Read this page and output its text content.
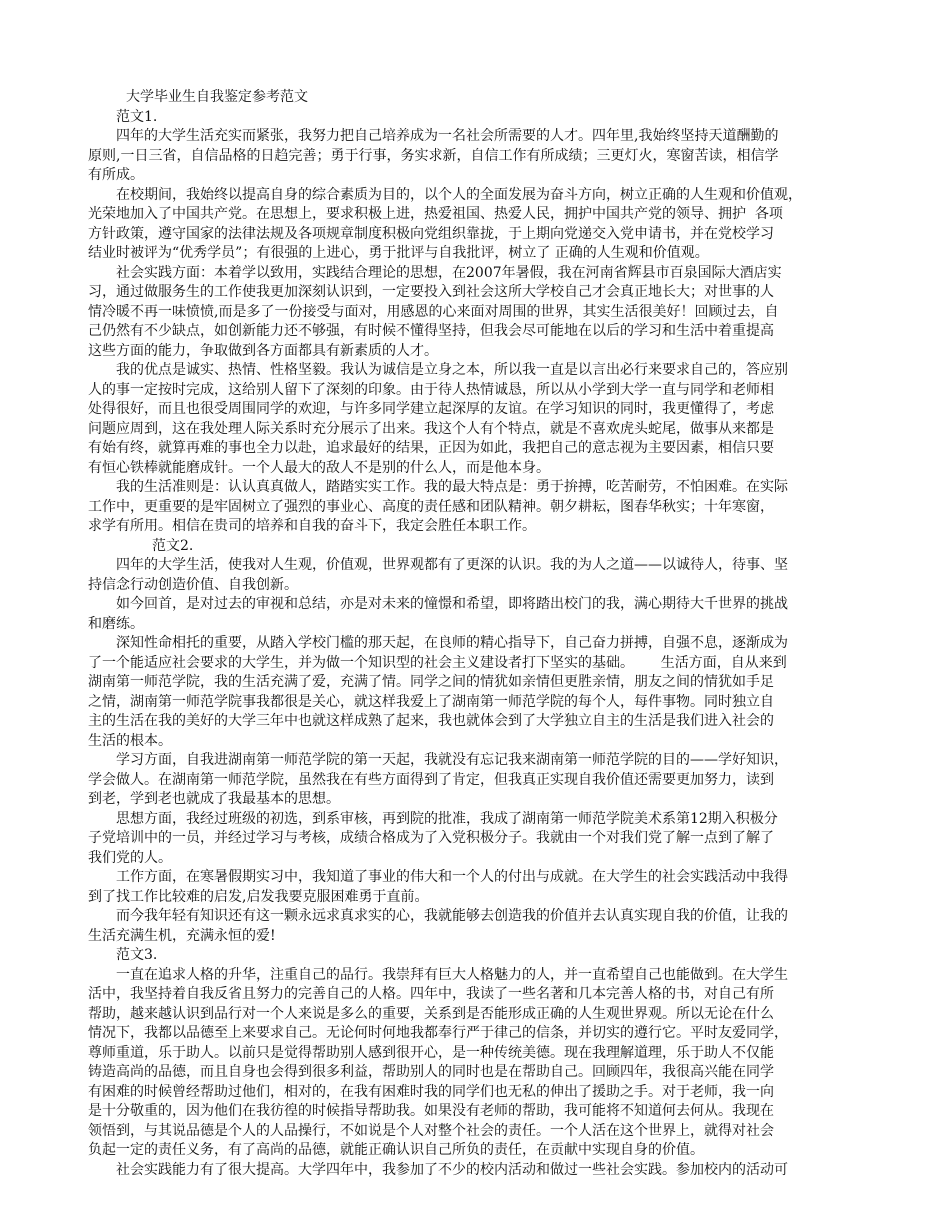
大学毕业生自我鉴定参考范文
范文1.
四年的大学生活充实而紧张，我努力把自己培养成为一名社会所需要的人才。四年里,我始终坚持天道酬勤的
原则,一日三省，自信品格的日趋完善；勇于行事，务实求新，自信工作有所成绩；三更灯火，寒窗苦读，相信学
有所成。
在校期间，我始终以提高自身的综合素质为目的，以个人的全面发展为奋斗方向，树立正确的人生观和价值观，
光荣地加入了中国共产党。在思想上，要求积极上进，热爱祖国、热爱人民，拥护中国共产党的领导、拥护  各项
方针政策，遵守国家的法律法规及各项规章制度积极向党组织靠拢，于上期向党递交入党申请书，并在党校学习
结业时被评为“优秀学员”；有很强的上进心，勇于批评与自我批评，树立了 正确的人生观和价值观。
社会实践方面：本着学以致用，实践结合理论的思想，在2007年暑假，我在河南省辉县市百泉国际大酒店实
习，通过做服务生的工作使我更加深刻认识到，一定要投入到社会这所大学校自己才会真正地长大；对世事的人
情冷暖不再一味愤愤,而是多了一份接受与面对，用感恩的心来面对周围的世界，其实生活很美好！回顾过去，自
己仍然有不少缺点，如创新能力还不够强，有时候不懂得坚持，但我会尽可能地在以后的学习和生活中着重提高
这些方面的能力，争取做到各方面都具有新素质的人才。
我的优点是诚实、热情、性格坚毅。我认为诚信是立身之本，所以我一直是以言出必行来要求自己的，答应别
人的事一定按时完成，这给别人留下了深刻的印象。由于待人热情诚恳，所以从小学到大学一直与同学和老师相
处得很好，而且也很受周围同学的欢迎，与许多同学建立起深厚的友谊。在学习知识的同时，我更懂得了，考虑
问题应周到，这在我处理人际关系时充分展示了出来。我这个人有个特点，就是不喜欢虎头蛇尾，做事从来都是
有始有终，就算再难的事也全力以赴，追求最好的结果，正因为如此，我把自己的意志视为主要因素，相信只要
有恒心铁棒就能磨成针。一个人最大的敌人不是别的什么人，而是他本身。
我的生活准则是：认认真真做人，踏踏实实工作。我的最大特点是：勇于拚搏，吃苦耐劳，不怕困难。在实际
工作中，更重要的是牢固树立了强烈的事业心、高度的责任感和团队精神。朝夕耕耘，图春华秋实；十年寒窗，
求学有所用。相信在贵司的培养和自我的奋斗下，我定会胜任本职工作。
范文2.
四年的大学生活，使我对人生观，价值观，世界观都有了更深的认识。我的为人之道——以诚待人，待事、坚
持信念行动创造价值、自我创新。
如今回首，是对过去的审视和总结，亦是对未来的憧憬和希望，即将踏出校门的我，满心期待大千世界的挑战
和磨练。
深知性命相托的重要，从踏入学校门槛的那天起，在良师的精心指导下，自己奋力拼搏，自强不息，逐渐成为
了一个能适应社会要求的大学生，并为做一个知识型的社会主义建设者打下坚实的基础。      生活方面，自从来到
湖南第一师范学院，我的生活充满了爱，充满了情。同学之间的情犹如亲情但更胜亲情，朋友之间的情犹如手足
之情，湖南第一师范学院事我都很是关心，就这样我爱上了湖南第一师范学院的每个人，每件事物。同时独立自
主的生活在我的美好的大学三年中也就这样成熟了起来，我也就体会到了大学独立自主的生活是我们进入社会的
生活的根本。
学习方面，自我进湖南第一师范学院的第一天起，我就没有忘记我来湖南第一师范学院的目的——学好知识，
学会做人。在湖南第一师范学院，虽然我在有些方面得到了肯定，但我真正实现自我价值还需要更加努力，读到
到老，学到老也就成了我最基本的思想。
思想方面，我经过班级的初选，到系审核，再到院的批准，我成了湖南第一师范学院美术系第12期入积极分
子党培训中的一员，并经过学习与考核，成绩合格成为了入党积极分子。我就由一个对我们党了解一点到了解了
我们党的人。
工作方面，在寒暑假期实习中，我知道了事业的伟大和一个人的付出与成就。在大学生的社会实践活动中我得
到了找工作比较难的启发,启发我要克服困难勇于直前。
而今我年轻有知识还有这一颗永远求真求实的心，我就能够去创造我的价值并去认真实现自我的价值，让我的
生活充满生机，充满永恒的爱!
范文3.
一直在追求人格的升华，注重自己的品行。我崇拜有巨大人格魅力的人，并一直希望自己也能做到。在大学生
活中，我坚持着自我反省且努力的完善自己的人格。四年中，我读了一些名著和几本完善人格的书，对自己有所
帮助，越来越认识到品行对一个人来说是多么的重要，关系到是否能形成正确的人生观世界观。所以无论在什么
情况下，我都以品德至上来要求自己。无论何时何地我都奉行严于律己的信条，并切实的遵行它。平时友爱同学，
尊师重道，乐于助人。以前只是觉得帮助别人感到很开心，是一种传统美德。现在我理解道理，乐于助人不仅能
铸造高尚的品德，而且自身也会得到很多利益，帮助别人的同时也是在帮助自己。回顾四年，我很高兴能在同学
有困难的时候曾经帮助过他们，相对的，在我有困难时我的同学们也无私的伸出了援助之手。对于老师，我一向
是十分敬重的，因为他们在我彷徨的时候指导帮助我。如果没有老师的帮助，我可能将不知道何去何从。我现在
领悟到，与其说品德是个人的人品操行，不如说是个人对整个社会的责任。一个人活在这个世界上，就得对社会
负起一定的责任义务，有了高尚的品德，就能正确认识自己所负的责任，在贡献中实现自身的价值。
社会实践能力有了很大提高。大学四年中，我参加了不少的校内活动和做过一些社会实践。参加校内的活动可
